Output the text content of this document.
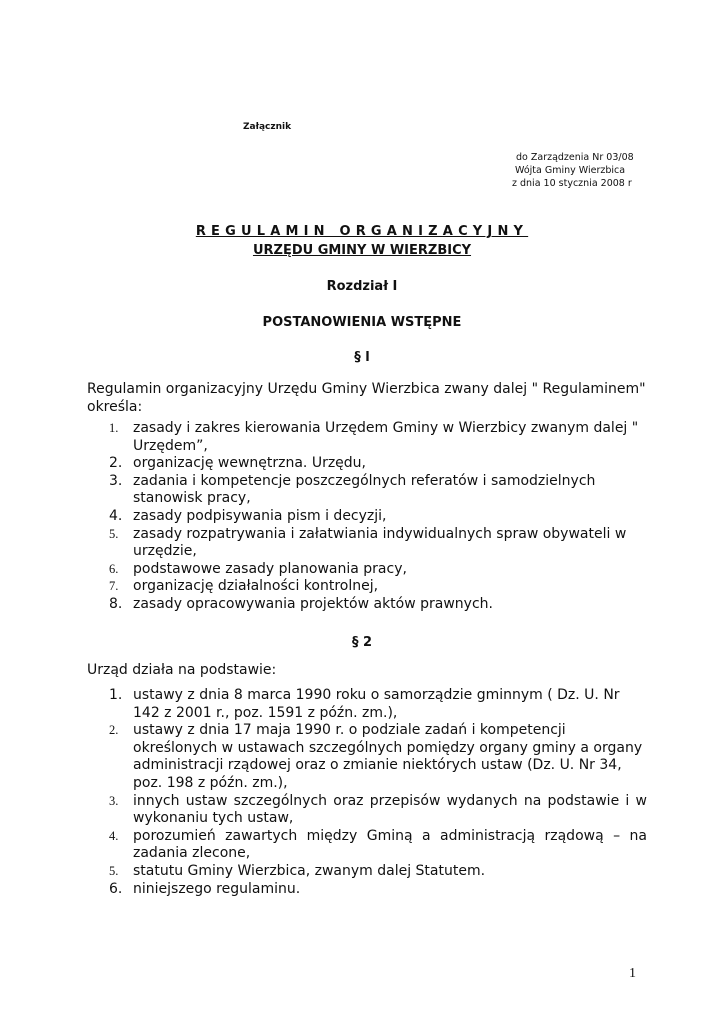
Załącznik
do Zarządzenia Nr 03/08
Wójta Gminy Wierzbica
z dnia 10 stycznia 2008 r
REGULAMIN ORGANIZACYJNY
URZĘDU GMINY W WIERZBICY
Rozdział I
POSTANOWIENIA WSTĘPNE
§ l
Regulamin organizacyjny Urzędu Gminy Wierzbica zwany dalej " Regulaminem" określa:
1.	zasady i zakres kierowania Urzędem Gminy w Wierzbicy zwanym dalej " Urzędem”,
2. organizację wewnętrzna. Urzędu,
3. zadania i kompetencje poszczególnych referatów i samodzielnych stanowisk pracy,
4. zasady podpisywania pism i decyzji,
5.	zasady rozpatrywania i załatwiania indywidualnych spraw obywateli w urzędzie,
6.	podstawowe zasady planowania pracy,
7.	organizację działalności kontrolnej,
8. zasady opracowywania projektów aktów prawnych.
§ 2
Urząd działa na podstawie:
1. ustawy z dnia 8 marca 1990 roku o samorządzie gminnym ( Dz. U. Nr 142 z 2001 r., poz. 1591 z późn. zm.),
2.	ustawy z dnia 17 maja 1990 r. o podziale zadań i kompetencji określonych w ustawach szczególnych pomiędzy organy gminy a organy administracji rządowej oraz o zmianie niektórych ustaw (Dz. U. Nr 34, poz. 198 z późn. zm.),
3.	innych ustaw szczególnych oraz przepisów wydanych na podstawie i w wykonaniu tych ustaw,
4.	porozumień zawartych między Gminą a administracją rządową – na zadania zlecone,
5.	statutu Gminy Wierzbica, zwanym dalej Statutem.
6. niniejszego regulaminu.
1
